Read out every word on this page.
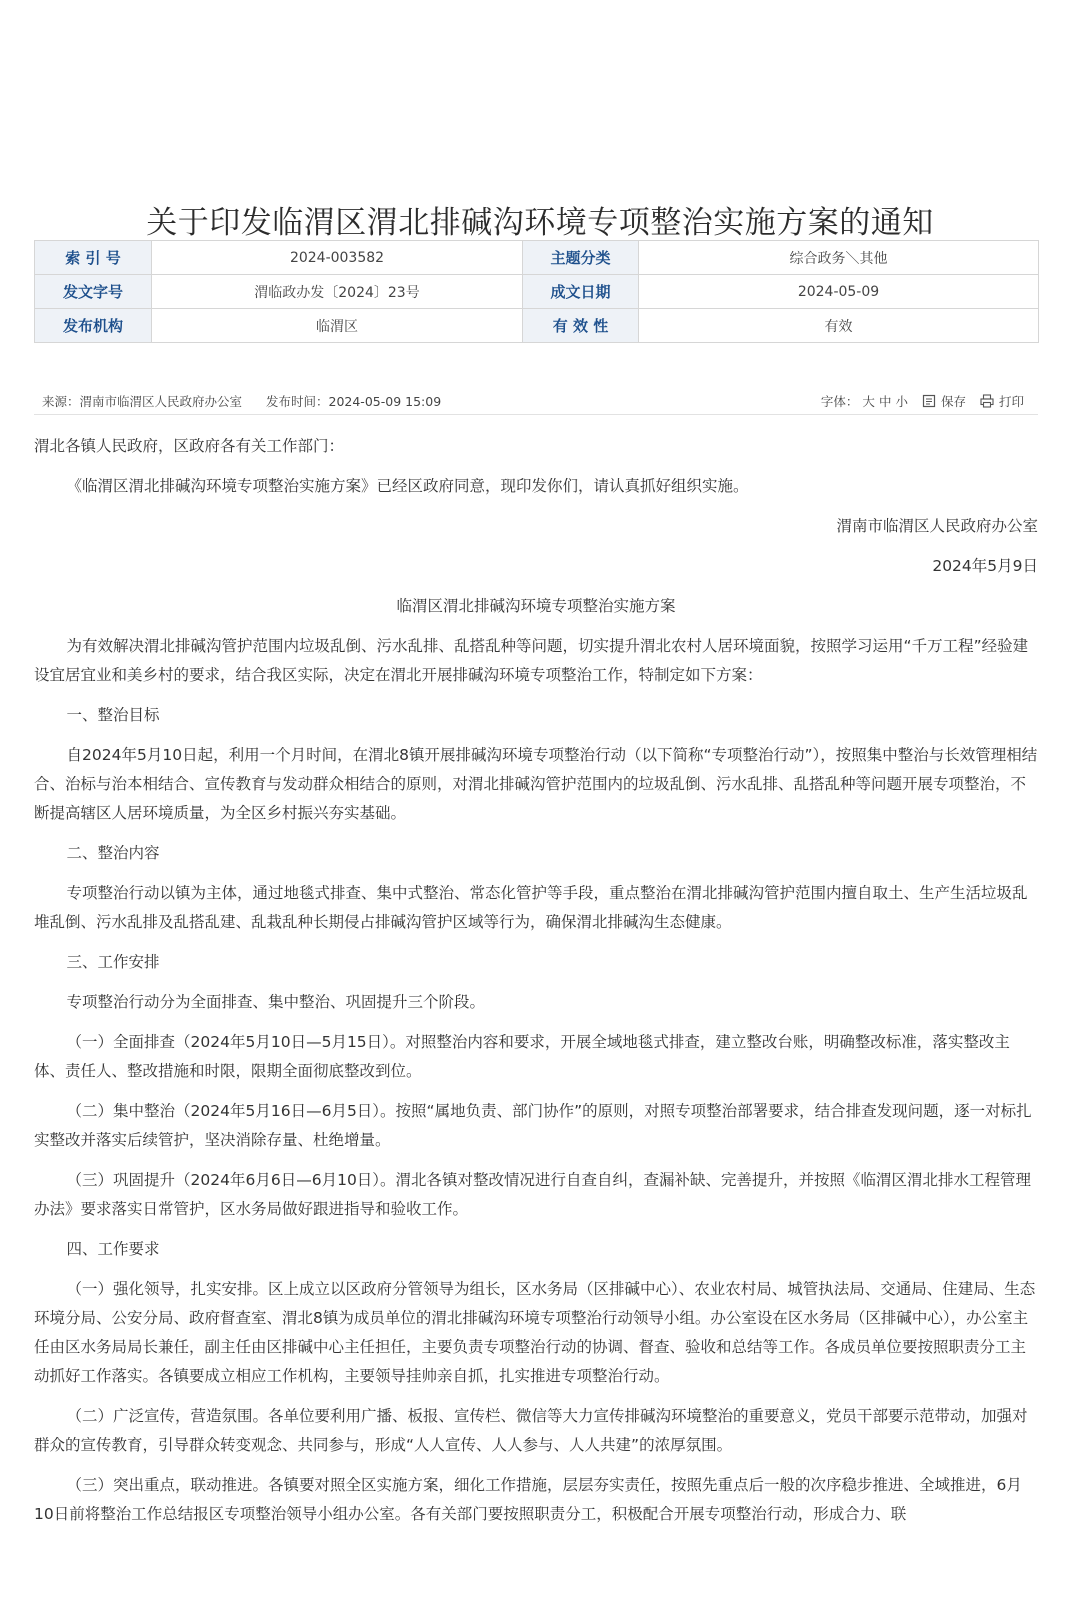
关于印发临渭区渭北排碱沟环境专项整治实施方案的通知
索 引 号	2024-003582	主题分类	综合政务＼其他
发文字号	渭临政办发〔2024〕23号	成文日期	2024-05-09
发布机构	临渭区	有 效 性	有效
来源：渭南市临渭区人民政府办公室 发布时间：2024-05-09 15:09	字体： 大 中 小	保存	打印

渭北各镇人民政府，区政府各有关工作部门：

《临渭区渭北排碱沟环境专项整治实施方案》已经区政府同意，现印发你们，请认真抓好组织实施。

渭南市临渭区人民政府办公室

2024年5月9日

临渭区渭北排碱沟环境专项整治实施方案

为有效解决渭北排碱沟管护范围内垃圾乱倒、污水乱排、乱搭乱种等问题，切实提升渭北农村人居环境面貌，按照学习运用“千万工程”经验建设宜居宜业和美乡村的要求，结合我区实际，决定在渭北开展排碱沟环境专项整治工作，特制定如下方案：

一、整治目标

自2024年5月10日起，利用一个月时间，在渭北8镇开展排碱沟环境专项整治行动（以下简称“专项整治行动”），按照集中整治与长效管理相结合、治标与治本相结合、宣传教育与发动群众相结合的原则，对渭北排碱沟管护范围内的垃圾乱倒、污水乱排、乱搭乱种等问题开展专项整治，不断提高辖区人居环境质量，为全区乡村振兴夯实基础。

二、整治内容

专项整治行动以镇为主体，通过地毯式排查、集中式整治、常态化管护等手段，重点整治在渭北排碱沟管护范围内擅自取土、生产生活垃圾乱堆乱倒、污水乱排及乱搭乱建、乱栽乱种长期侵占排碱沟管护区域等行为，确保渭北排碱沟生态健康。

三、工作安排

专项整治行动分为全面排查、集中整治、巩固提升三个阶段。

（一）全面排查（2024年5月10日—5月15日）。对照整治内容和要求，开展全域地毯式排查，建立整改台账，明确整改标准，落实整改主体、责任人、整改措施和时限，限期全面彻底整改到位。

（二）集中整治（2024年5月16日—6月5日）。按照“属地负责、部门协作”的原则，对照专项整治部署要求，结合排查发现问题，逐一对标扎实整改并落实后续管护，坚决消除存量、杜绝增量。

（三）巩固提升（2024年6月6日—6月10日）。渭北各镇对整改情况进行自查自纠，查漏补缺、完善提升，并按照《临渭区渭北排水工程管理办法》要求落实日常管护，区水务局做好跟进指导和验收工作。

四、工作要求

（一）强化领导，扎实安排。区上成立以区政府分管领导为组长，区水务局（区排碱中心）、农业农村局、城管执法局、交通局、住建局、生态环境分局、公安分局、政府督查室、渭北8镇为成员单位的渭北排碱沟环境专项整治行动领导小组。办公室设在区水务局（区排碱中心），办公室主任由区水务局局长兼任，副主任由区排碱中心主任担任，主要负责专项整治行动的协调、督查、验收和总结等工作。各成员单位要按照职责分工主动抓好工作落实。各镇要成立相应工作机构，主要领导挂帅亲自抓，扎实推进专项整治行动。

（二）广泛宣传，营造氛围。各单位要利用广播、板报、宣传栏、微信等大力宣传排碱沟环境整治的重要意义，党员干部要示范带动，加强对群众的宣传教育，引导群众转变观念、共同参与，形成“人人宣传、人人参与、人人共建”的浓厚氛围。

（三）突出重点，联动推进。各镇要对照全区实施方案，细化工作措施，层层夯实责任，按照先重点后一般的次序稳步推进、全域推进，6月10日前将整治工作总结报区专项整治领导小组办公室。各有关部门要按照职责分工，积极配合开展专项整治行动，形成合力、联
